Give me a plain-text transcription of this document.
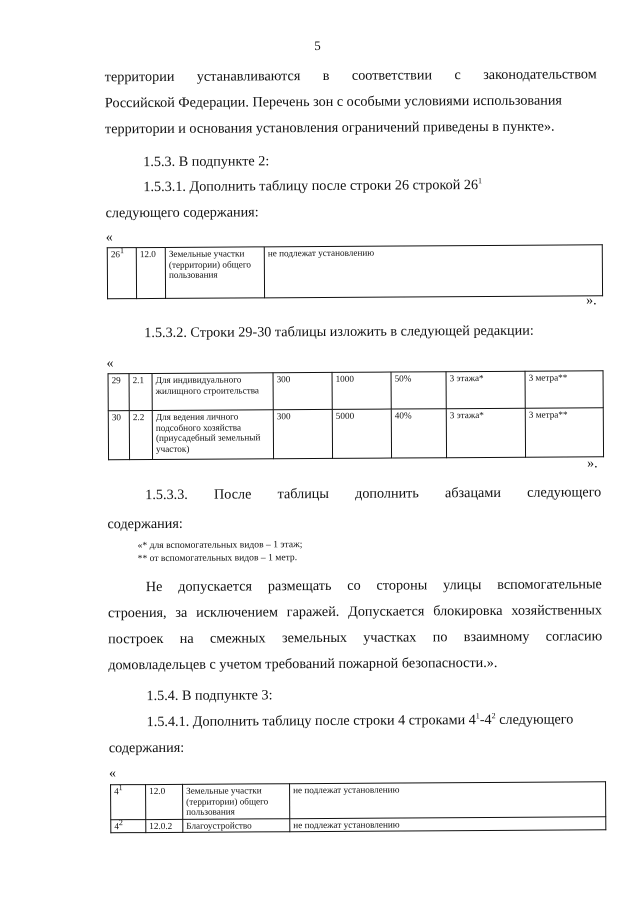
5
территории устанавливаются в соответствии с законодательством
Российской Федерации. Перечень зон с особыми условиями использования
территории и основания установления ограничений приведены в пункте».
1.5.3. В подпункте 2:
1.5.3.1. Дополнить таблицу после строки 26 строкой $26^1$
следующего содержания:
«
$26^1$	12.0	Земельные участки (территории) общего пользования	не подлежат установлению
».
1.5.3.2. Строки 29-30 таблицы изложить в следующей редакции:
«
29	2.1	Для индивидуального жилищного строительства	300	1000	50%	3 этажа*	3 метра**
30	2.2	Для ведения личного подсобного хозяйства (приусадебный земельный участок)	300	5000	40%	3 этажа*	3 метра**
».
1.5.3.3. После таблицы дополнить абзацами следующего
содержания:
«* для вспомогательных видов – 1 этаж;
** от вспомогательных видов – 1 метр.
Не допускается размещать со стороны улицы вспомогательные
строения, за исключением гаражей. Допускается блокировка хозяйственных
построек на смежных земельных участках по взаимному согласию
домовладельцев с учетом требований пожарной безопасности.».
1.5.4. В подпункте 3:
1.5.4.1. Дополнить таблицу после строки 4 строками $4^1-4^2$ следующего
содержания:
«
$4^1$	12.0	Земельные участки (территории) общего пользования	не подлежат установлению
$4^2$	12.0.2	Благоустройство	не подлежат установлению
